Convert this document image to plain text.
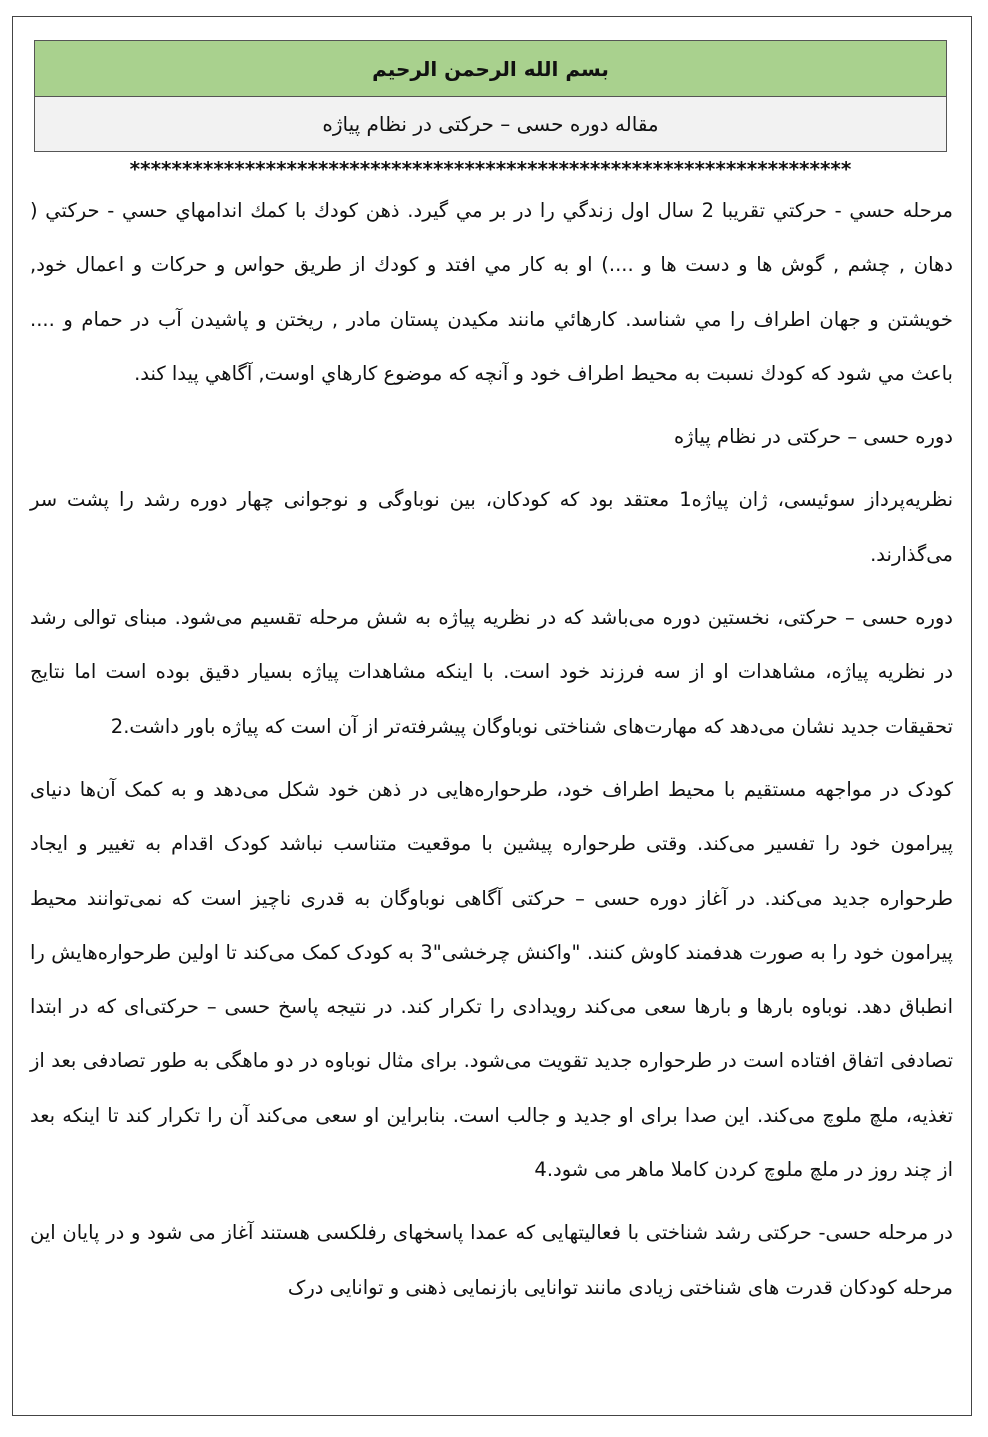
بسم الله الرحمن الرحيم
مقاله دوره حسی – حرکتی در نظام پیاژه
*********************************************************************

مرحله حسي - حركتي تقريبا 2 سال اول زندگي را در بر مي گيرد. ذهن كودك با كمك اندامهاي حسي - حركتي ( دهان , چشم , گوش ها و دست ها و ....) او به كار مي افتد و كودك از طريق حواس و حركات و اعمال خود, خويشتن و جهان اطراف را مي شناسد. كارهائي مانند مكيدن پستان مادر , ريختن و پاشيدن آب در حمام و .... باعث مي شود كه كودك نسبت به محيط اطراف خود و آنچه كه موضوع كارهاي اوست, آگاهي پيدا كند.

دوره حسی – حرکتی در نظام پیاژه

نظریه‌پرداز سوئیسی، ژان پیاژه1 معتقد بود که کودکان، بین نوباوگی و نوجوانی چهار دوره رشد را پشت سر می‌گذارند.

دوره حسی – حرکتی، نخستین دوره می‌باشد که در نظریه پیاژه به شش مرحله تقسیم می‌شود. مبنای توالی رشد در نظریه پیاژه، مشاهدات او از سه فرزند خود است. با اینکه مشاهدات پیاژه بسیار دقیق بوده است اما نتایج تحقیقات جدید نشان می‌دهد که مهارت‌های شناختی نوباوگان پیشرفته‌تر از آن است که پیاژه باور داشت.2

کودک در مواجهه مستقیم با محیط اطراف خود، طرحواره‌هایی در ذهن خود شکل می‌دهد و به کمک آن‌ها دنیای پیرامون خود را تفسیر می‌کند. وقتی طرحواره پیشین با موقعیت متناسب نباشد کودک اقدام به تغییر و ایجاد طرحواره جدید می‌کند. در آغاز دوره حسی – حرکتی آگاهی نوباوگان به قدری ناچیز است که نمی‌توانند محیط پیرامون خود را به صورت هدفمند کاوش کنند. "واکنش چرخشی"3 به کودک کمک می‌کند تا اولین طرحواره‌هایش را انطباق دهد. نوباوه بارها و بارها سعی می‌کند رویدادی را تکرار کند. در نتیجه پاسخ حسی – حرکتی‌ای که در ابتدا تصادفی اتفاق افتاده است در طرحواره جدید تقویت می‌شود. برای مثال نوباوه در دو ماهگی به طور تصادفی بعد از تغذیه، ملچ ملوچ می‌کند. این صدا برای او جدید و جالب است. بنابراین او سعی می‌کند آن را تکرار کند تا اینکه بعد از چند روز در ملچ ملوچ کردن کاملا ماهر می شود.4

در مرحله حسی- حرکتی رشد شناختی با فعالیتهایی که عمدا پاسخهای رفلکسی هستند آغاز می شود و در پایان این مرحله کودکان قدرت های شناختی زیادی مانند توانایی بازنمایی ذهنی و توانایی درک
